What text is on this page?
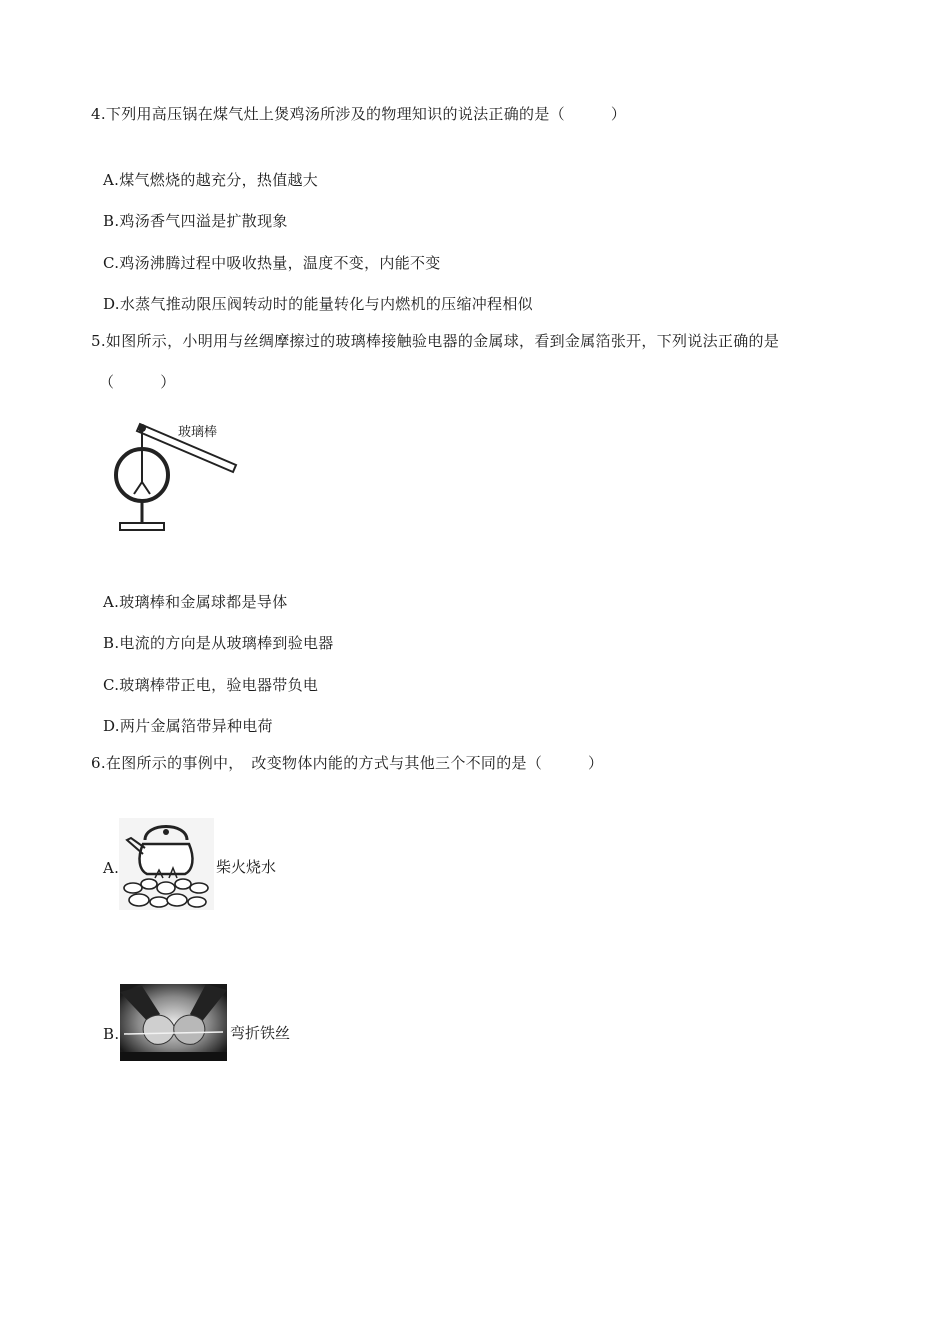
4.下列用高压锅在煤气灶上煲鸡汤所涉及的物理知识的说法正确的是（　　　）
A.煤气燃烧的越充分，热值越大
B.鸡汤香气四溢是扩散现象
C.鸡汤沸腾过程中吸收热量，温度不变，内能不变
D.水蒸气推动限压阀转动时的能量转化与内燃机的压缩冲程相似
5.如图所示，小明用与丝绸摩擦过的玻璃棒接触验电器的金属球，看到金属箔张开，下列说法正确的是
（　　　）
玻璃棒
A.玻璃棒和金属球都是导体
B.电流的方向是从玻璃棒到验电器
C.玻璃棒带正电，验电器带负电
D.两片金属箔带异种电荷
6.在图所示的事例中，　改变物体内能的方式与其他三个不同的是（　　　）
A.	柴火烧水
B.	弯折铁丝
